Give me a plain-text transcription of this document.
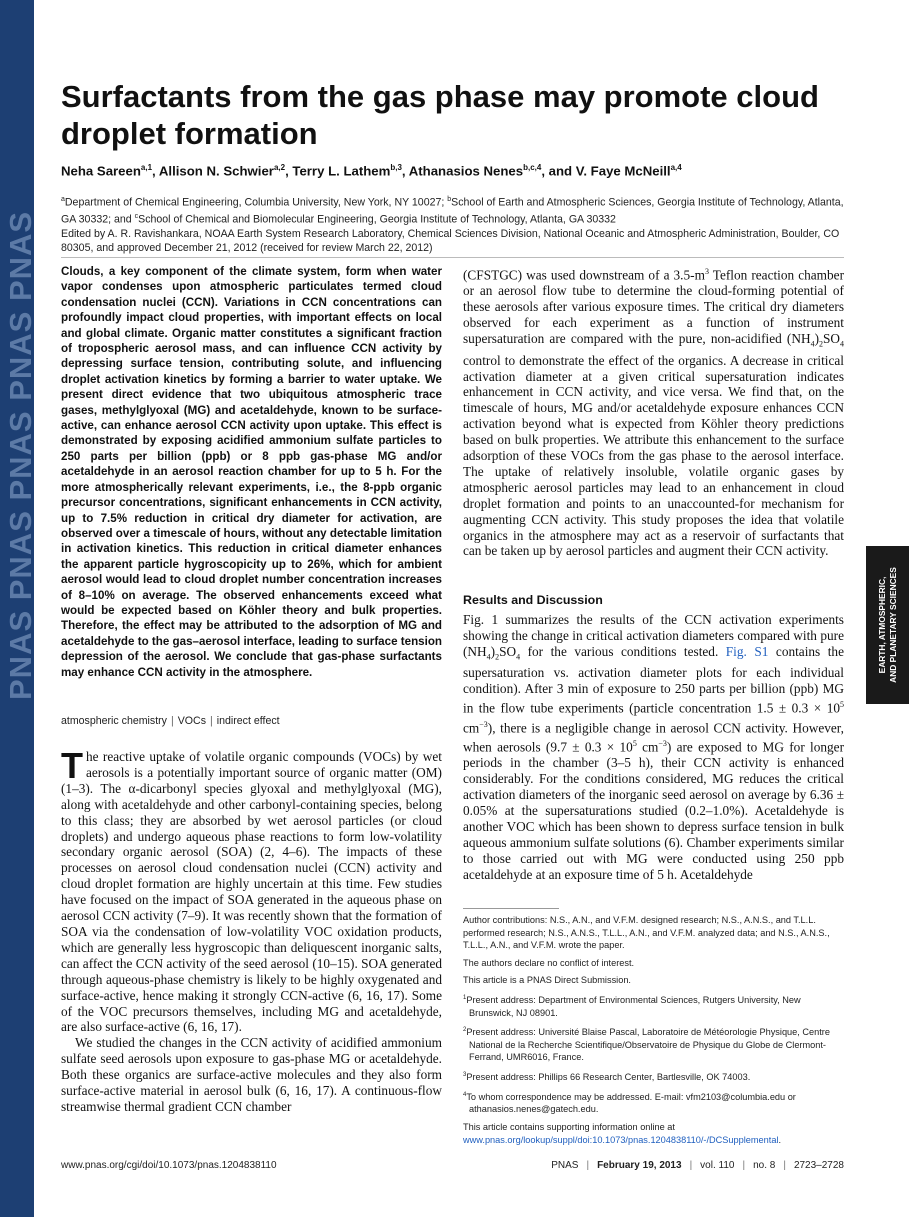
PNAS PNAS PNAS PNAS PNAS
Surfactants from the gas phase may promote cloud droplet formation
Neha Sareen$^{a,1}$, Allison N. Schwier$^{a,2}$, Terry L. Lathem$^{b,3}$, Athanasios Nenes$^{b,c,4}$, and V. Faye McNeill$^{a,4}$
$^a$Department of Chemical Engineering, Columbia University, New York, NY 10027; $^b$School of Earth and Atmospheric Sciences, Georgia Institute of Technology, Atlanta, GA 30332; and $^c$School of Chemical and Biomolecular Engineering, Georgia Institute of Technology, Atlanta, GA 30332
Edited by A. R. Ravishankara, NOAA Earth System Research Laboratory, Chemical Sciences Division, National Oceanic and Atmospheric Administration, Boulder, CO 80305, and approved December 21, 2012 (received for review March 22, 2012)

Clouds, a key component of the climate system, form when water vapor condenses upon atmospheric particulates termed cloud condensation nuclei (CCN). Variations in CCN concentrations can profoundly impact cloud properties, with important effects on local and global climate. Organic matter constitutes a significant fraction of tropospheric aerosol mass, and can influence CCN activity by depressing surface tension, contributing solute, and influencing droplet activation kinetics by forming a barrier to water uptake. We present direct evidence that two ubiquitous atmospheric trace gases, methylglyoxal (MG) and acetaldehyde, known to be surface-active, can enhance aerosol CCN activity upon uptake. This effect is demonstrated by exposing acidified ammonium sulfate particles to 250 parts per billion (ppb) or 8 ppb gas-phase MG and/or acetaldehyde in an aerosol reaction chamber for up to 5 h. For the more atmospherically relevant experiments, i.e., the 8-ppb organic precursor concentrations, significant enhancements in CCN activity, up to 7.5% reduction in critical dry diameter for activation, are observed over a timescale of hours, without any detectable limitation in activation kinetics. This reduction in critical diameter enhances the apparent particle hygroscopicity up to 26%, which for ambient aerosol would lead to cloud droplet number concentration increases of 8–10% on average. The observed enhancements exceed what would be expected based on Köhler theory and bulk properties. Therefore, the effect may be attributed to the adsorption of MG and acetaldehyde to the gas–aerosol interface, leading to surface tension depression of the aerosol. We conclude that gas-phase surfactants may enhance CCN activity in the atmosphere.

atmospheric chemistry | VOCs | indirect effect

The reactive uptake of volatile organic compounds (VOCs) by wet aerosols is a potentially important source of organic matter (OM) (1–3). The α-dicarbonyl species glyoxal and methylglyoxal (MG), along with acetaldehyde and other carbonyl-containing species, belong to this class; they are absorbed by wet aerosol particles (or cloud droplets) and undergo aqueous phase reactions to form low-volatility secondary organic aerosol (SOA) (2, 4–6). The impacts of these processes on aerosol cloud condensation nuclei (CCN) activity and cloud droplet formation are highly uncertain at this time. Few studies have focused on the impact of SOA generated in the aqueous phase on aerosol CCN activity (7–9). It was recently shown that the formation of SOA via the condensation of low-volatility VOC oxidation products, which are generally less hygroscopic than deliquescent inorganic salts, can affect the CCN activity of the seed aerosol (10–15). SOA generated through aqueous-phase chemistry is likely to be highly oxygenated and surface-active, hence making it strongly CCN-active (6, 16, 17). Some of the VOC precursors themselves, including MG and acetaldehyde, are also surface-active (6, 16, 17).

We studied the changes in the CCN activity of acidified ammonium sulfate seed aerosols upon exposure to gas-phase MG or acetaldehyde. Both these organics are surface-active molecules and they also form surface-active material in aerosol bulk (6, 16, 17). A continuous-flow streamwise thermal gradient CCN chamber

(CFSTGC) was used downstream of a $3.5-m^3$ Teflon reaction chamber or an aerosol flow tube to determine the cloud-forming potential of these aerosols after various exposure times. The critical dry diameters observed for each experiment as a function of instrument supersaturation are compared with the pure, non-acidified $(NH_4)_2SO_4$ control to demonstrate the effect of the organics. A decrease in critical activation diameter at a given critical supersaturation indicates enhancement in CCN activity, and vice versa. We find that, on the timescale of hours, MG and/or acetaldehyde exposure enhances CCN activation beyond what is expected from Köhler theory predictions based on bulk properties. We attribute this enhancement to the surface adsorption of these VOCs from the gas phase to the aerosol interface. The uptake of relatively insoluble, volatile organic gases by atmospheric aerosol particles may lead to an enhancement in cloud droplet formation and points to an unaccounted-for mechanism for augmenting CCN activity. This study proposes the idea that volatile organics in the atmosphere may act as a reservoir of surfactants that can be taken up by aerosol particles and augment their CCN activity.

Results and Discussion

Fig. 1 summarizes the results of the CCN activation experiments showing the change in critical activation diameters compared with pure $(NH_4)_2SO_4$ for the various conditions tested. Fig. S1 contains the supersaturation vs. activation diameter plots for each individual condition). After 3 min of exposure to 250 parts per billion (ppb) MG in the flow tube experiments (particle concentration $1.5 \pm 0.3 \times 10^5$ $cm^{-3}$), there is a negligible change in aerosol CCN activity. However, when aerosols ($9.7 \pm 0.3 \times 10^5$ $cm^{-3}$) are exposed to MG for longer periods in the chamber (3–5 h), their CCN activity is enhanced considerably. For the conditions considered, MG reduces the critical activation diameters of the inorganic seed aerosol on average by 6.36 ± 0.05% at the supersaturations studied (0.2–1.0%). Acetaldehyde is another VOC which has been shown to depress surface tension in bulk aqueous ammonium sulfate solutions (6). Chamber experiments similar to those carried out with MG were conducted using 250 ppb acetaldehyde at an exposure time of 5 h. Acetaldehyde

Author contributions: N.S., A.N., and V.F.M. designed research; N.S., A.N.S., and T.L.L. performed research; N.S., A.N.S., T.L.L., A.N., and V.F.M. analyzed data; and N.S., A.N.S., T.L.L., A.N., and V.F.M. wrote the paper.

The authors declare no conflict of interest.

This article is a PNAS Direct Submission.

$^1$Present address: Department of Environmental Sciences, Rutgers University, New Brunswick, NJ 08901.

$^2$Present address: Université Blaise Pascal, Laboratoire de Météorologie Physique, Centre National de la Recherche Scientifique/Observatoire de Physique du Globe de Clermont-Ferrand, UMR6016, France.

$^3$Present address: Phillips 66 Research Center, Bartlesville, OK 74003.

$^4$To whom correspondence may be addressed. E-mail: vfm2103@columbia.edu or athanasios.nenes@gatech.edu.

This article contains supporting information online at www.pnas.org/lookup/suppl/doi:10.1073/pnas.1204838110/-/DCSupplemental.

EARTH, ATMOSPHERIC, AND PLANETARY SCIENCES
www.pnas.org/cgi/doi/10.1073/pnas.1204838110	PNAS | February 19, 2013 | vol. 110 | no. 8 | 2723–2728
